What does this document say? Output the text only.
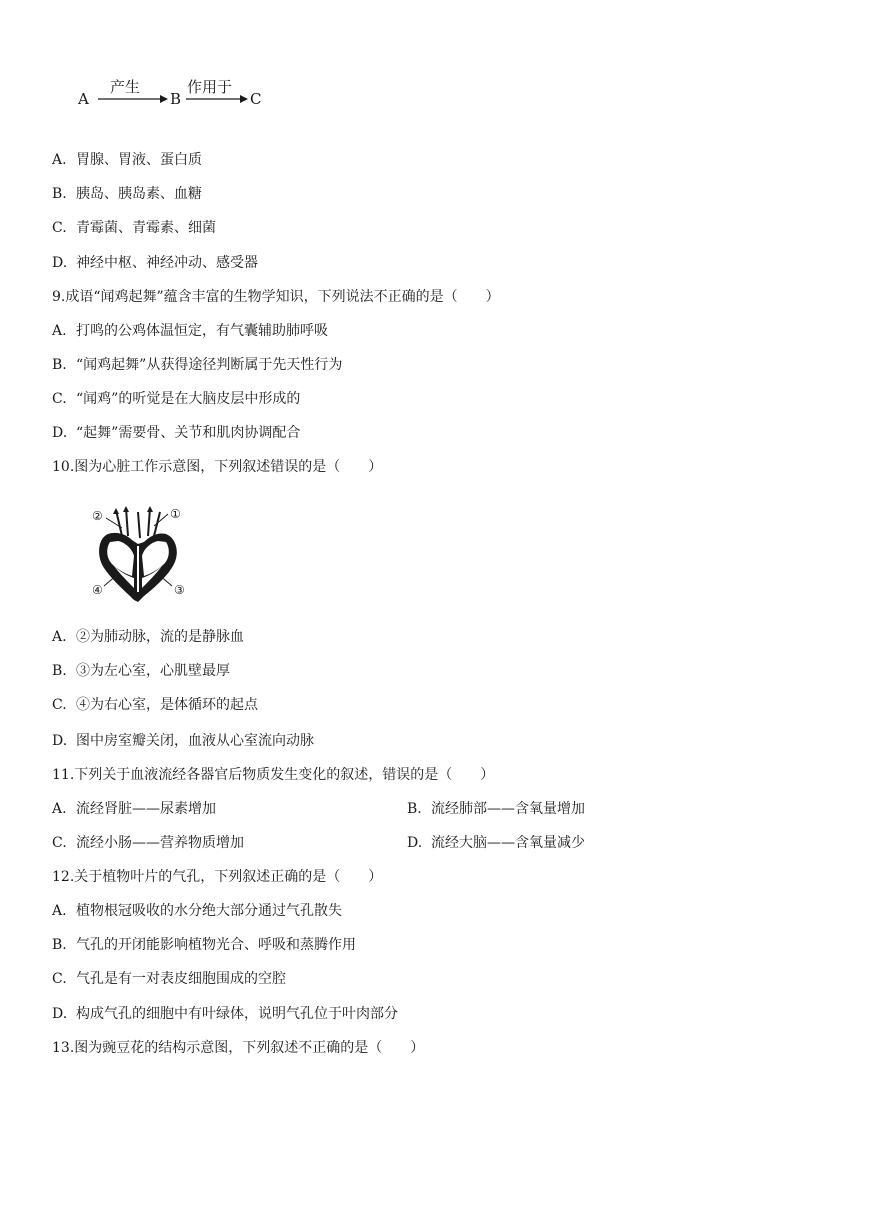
A
产生
B
作用于
C
A. 胃腺、胃液、蛋白质
B. 胰岛、胰岛素、血糖
C. 青霉菌、青霉素、细菌
D. 神经中枢、神经冲动、感受器
9.成语“闻鸡起舞”蕴含丰富的生物学知识，下列说法不正确的是（　　）
A. 打鸣的公鸡体温恒定，有气囊辅助肺呼吸
B. “闻鸡起舞”从获得途径判断属于先天性行为
C. “闻鸡”的听觉是在大脑皮层中形成的
D. “起舞”需要骨、关节和肌肉协调配合
10.图为心脏工作示意图，下列叙述错误的是（　　）
②	①
④	③
A. ②为肺动脉，流的是静脉血
B. ③为左心室，心肌壁最厚
C. ④为右心室，是体循环的起点
D. 图中房室瓣关闭，血液从心室流向动脉
11.下列关于血液流经各器官后物质发生变化的叙述，错误的是（　　）
A. 流经肾脏——尿素增加	B. 流经肺部——含氧量增加
C. 流经小肠——营养物质增加	D. 流经大脑——含氧量减少
12.关于植物叶片的气孔，下列叙述正确的是（　　）
A. 植物根冠吸收的水分绝大部分通过气孔散失
B. 气孔的开闭能影响植物光合、呼吸和蒸腾作用
C. 气孔是有一对表皮细胞围成的空腔
D. 构成气孔的细胞中有叶绿体，说明气孔位于叶肉部分
13.图为豌豆花的结构示意图，下列叙述不正确的是（　　）
